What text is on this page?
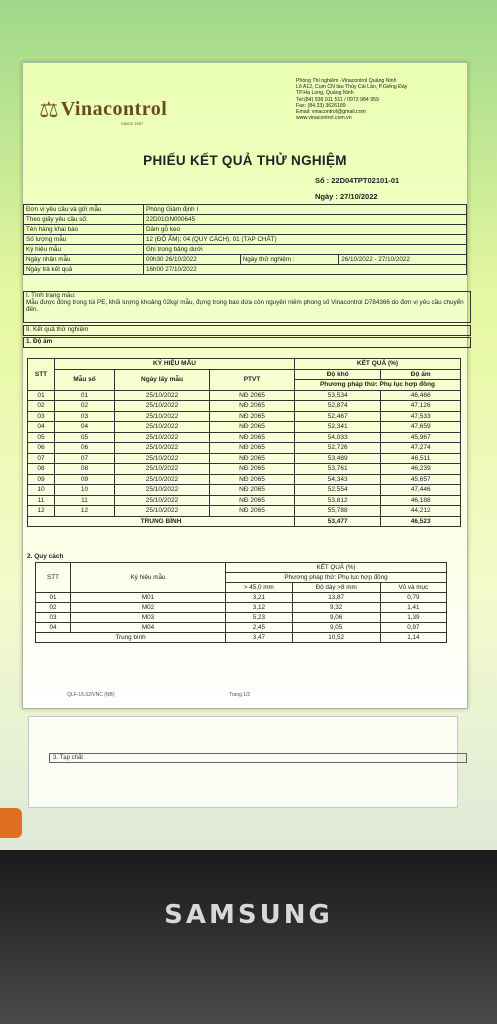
⚖ Vinacontrol
SINCE 1957
Phòng Thí nghiệm -Vinacontrol Quảng Ninh
Lô A12, Cụm CN tàu Thủy Cái Lân, P.Giếng Đáy
TP.Hạ Long, Quảng Ninh
Tel:(84) 936 011 511 / 0973 984 959
Fax: (84.33) 3626189
Email: vinacontrol@gmail.com
www.vinacontrol.com.vn
PHIẾU KẾT QUẢ THỬ NGHIỆM
Số : 22D04TPT02101-01
Ngày : 27/10/2022
Đơn vị yêu cầu và gửi mẫu	Phòng Giám định I		
Theo giấy yêu cầu số:	22D01GN000645		
Tên hàng khai báo	Dăm gỗ keo		
Số lượng mẫu	12 (ĐỘ ẨM); 04 (QUY CÁCH); 01 (TẠP CHẤT)		
Ký hiệu mẫu	Ghi trong bảng dưới		
Ngày nhận mẫu	00h30 26/10/2022	Ngày thử nghiệm :	26/10/2022 - 27/10/2022
Ngày trả kết quả	16h00 27/10/2022		
I. Tình trạng mẫu:
Mẫu được đóng trong túi PE, khối lượng khoảng 02kg/ mẫu, đựng trong bao dứa còn nguyên niêm phong số Vinacontrol D784366 do đơn vị yêu cầu chuyển đến.
II. Kết quả thử nghiệm
1. Độ ẩm
STT	KÝ HIỆU MẪU			KẾT QUẢ (%)	
	Mẫu số	Ngày lấy mẫu	PTVT	Độ khô	Độ ẩm
				Phương pháp thử: Phụ lục hợp đồng	
01	01	25/10/2022	NĐ 2065	53,534	46,466
02	02	25/10/2022	NĐ 2065	52,874	47,126
03	03	25/10/2022	NĐ 2065	52,467	47,533
04	04	25/10/2022	NĐ 2065	52,341	47,659
05	05	25/10/2022	NĐ 2065	54,033	45,967
06	06	25/10/2022	NĐ 2065	52,726	47,274
07	07	25/10/2022	NĐ 2065	53,489	46,511
08	08	25/10/2022	NĐ 2065	53,761	46,239
09	09	25/10/2022	NĐ 2065	54,343	45,657
10	10	25/10/2022	NĐ 2065	52,554	47,446
11	11	25/10/2022	NĐ 2065	53,812	46,188
12	12	25/10/2022	NĐ 2065	55,788	44,212
TRUNG BÌNH				53,477	46,523
2. Quy cách
STT	Ký hiệu mẫu	KẾT QUẢ (%)		
		Phương pháp thử: Phụ lục hợp đồng		
		> 45,0 mm	Độ dày >8 mm	Vỏ và mục
01	M01	3,21	13,87	0,79
02	M02	3,12	9,32	1,41
03	M03	5,23	9,06	1,39
04	M04	2,45	9,05	0,97
Trung bình		3,47	10,52	1,14
QLF-15.02/VNC (NB)	Trang 1/2
3. Tạp chất
SAMSUNG
